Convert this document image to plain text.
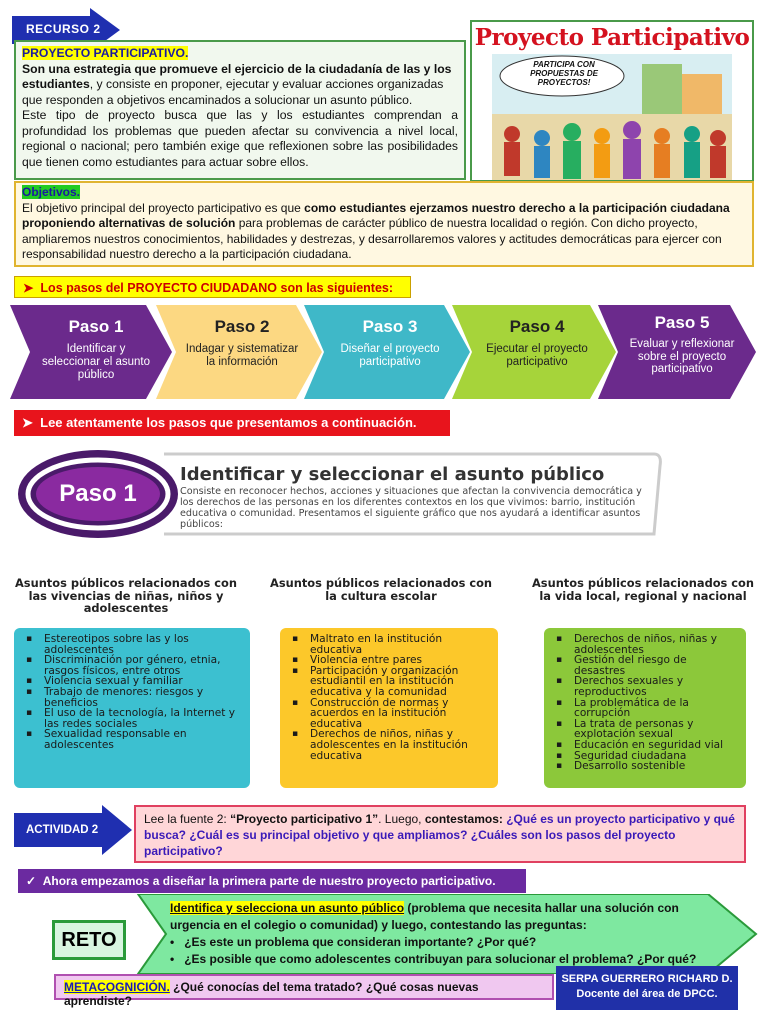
RECURSO 2
PROYECTO PARTICIPATIVO.
Son una estrategia que promueve el ejercicio de la ciudadanía de las y los estudiantes, y consiste en proponer, ejecutar y evaluar acciones organizadas que responden a objetivos encaminados a solucionar un asunto público.
Este tipo de proyecto busca que las y los estudiantes comprendan a profundidad los problemas que pueden afectar su convivencia a nivel local, regional o nacional; pero también exige que reflexionen sobre las posibilidades que tienen como estudiantes para actuar sobre ellos.
Proyecto Participativo
PARTICIPA CON PROPUESTAS DE PROYECTOS!
Objetivos.
El objetivo principal del proyecto participativo es que como estudiantes ejerzamos nuestro derecho a la participación ciudadana proponiendo alternativas de solución para problemas de carácter público de nuestra localidad o región. Con dicho proyecto, ampliaremos nuestros conocimientos, habilidades y destrezas, y desarrollaremos valores y actitudes democráticas para ejercer con responsabilidad nuestro derecho a la participación ciudadana.
➤  Los pasos del PROYECTO CIUDADANO son las siguientes:
Paso 1
Identificar y seleccionar el asunto público
Paso 2
Indagar y sistematizar la información
Paso 3
Diseñar el proyecto participativo
Paso 4
Ejecutar el proyecto participativo
Paso 5
Evaluar y reflexionar sobre el proyecto participativo
➤  Lee atentamente los pasos que presentamos a continuación.
Paso 1
Identificar y seleccionar el asunto público
Consiste en reconocer hechos, acciones y situaciones que afectan la convivencia democrática y los derechos de las personas en los diferentes contextos en los que vivimos: barrio, institución educativa o comunidad. Presentamos el siguiente gráfico que nos ayudará a identificar asuntos públicos:
Asuntos públicos relacionados con las vivencias de niñas, niños y adolescentes
Asuntos públicos relacionados con la cultura escolar
Asuntos públicos relacionados con la vida local, regional y nacional
▪ Estereotipos sobre las y los adolescentes
▪ Discriminación por género, etnia, rasgos físicos, entre otros
▪ Violencia sexual y familiar
▪ Trabajo de menores: riesgos y beneficios
▪ El uso de la tecnología, la Internet y las redes sociales
▪ Sexualidad responsable en adolescentes
▪ Maltrato en la institución educativa
▪ Violencia entre pares
▪ Participación y organización estudiantil en la institución educativa y la comunidad
▪ Construcción de normas y acuerdos en la institución educativa
▪ Derechos de niños, niñas y adolescentes en la institución educativa
▪ Derechos de niños, niñas y adolescentes
▪ Gestión del riesgo de desastres
▪ Derechos sexuales y reproductivos
▪ La problemática de la corrupción
▪ La trata de personas y explotación sexual
▪ Educación en seguridad vial
▪ Seguridad ciudadana
▪ Desarrollo sostenible
ACTIVIDAD 2
Lee la fuente 2: “Proyecto participativo 1”. Luego, contestamos: ¿Qué es un proyecto participativo y qué busca? ¿Cuál es su principal objetivo y que ampliamos? ¿Cuáles son los pasos del proyecto participativo?
✓  Ahora empezamos a diseñar la primera parte de nuestro proyecto participativo.
Identifica y selecciona un asunto público (problema que necesita hallar una solución con urgencia en el colegio o comunidad) y luego, contestando las preguntas:
•   ¿Es este un problema que consideran importante? ¿Por qué?
•   ¿Es posible que como adolescentes contribuyan para solucionar el problema? ¿Por qué?
RETO
METACOGNICIÓN. ¿Qué conocías del tema tratado? ¿Qué cosas nuevas aprendiste?
SERPA GUERRERO RICHARD D.
Docente del área de DPCC.
